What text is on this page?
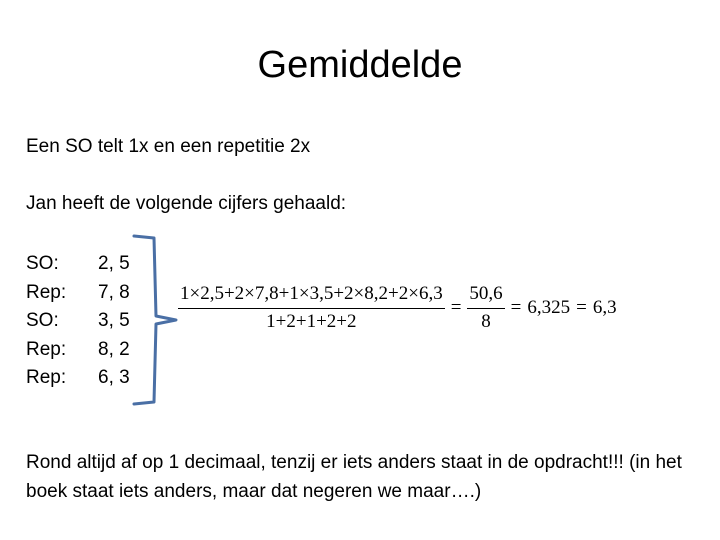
Gemiddelde
Een SO telt 1x en een repetitie 2x
Jan heeft de volgende cijfers gehaald:
SO:	2, 5
Rep:	7, 8
SO:	3, 5
Rep:	8, 2
Rep:	6, 3
$\frac{1\times 2,5+2\times 7,8+1\times 3,5+2\times 8,2+2\times 6,3}{1+2+1+2+2} = \frac{50,6}{8} = 6,325 = 6,3$
Rond altijd af op 1 decimaal, tenzij er iets anders staat in de opdracht!!! (in het boek staat iets anders, maar dat negeren we maar….)
